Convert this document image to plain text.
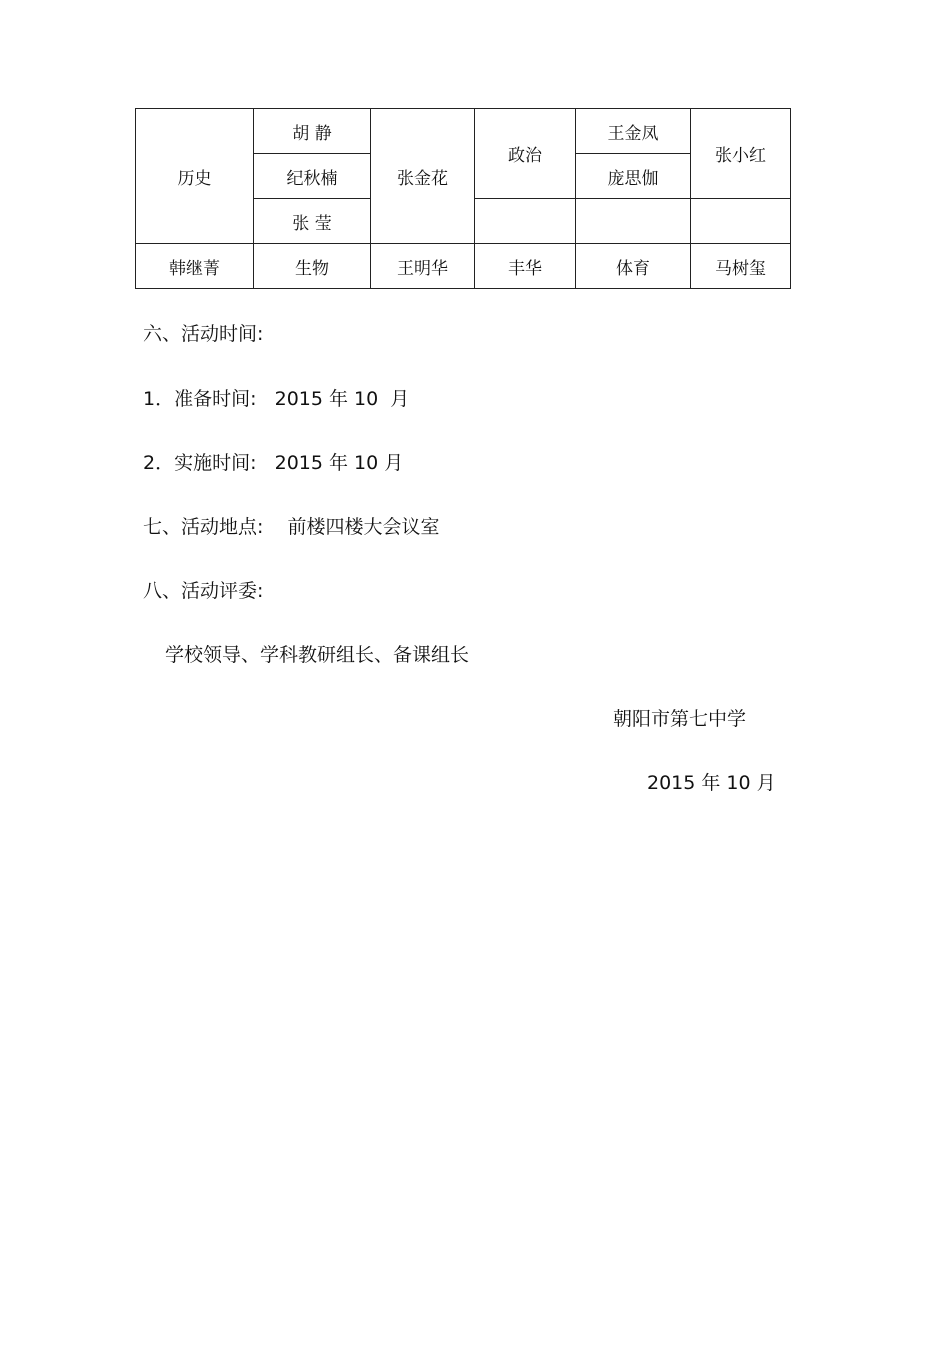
历史	胡 静	张金花	政治	王金凤	张小红
	纪秋楠			庞思伽	
	张 莹				
韩继菁	生物	王明华	丰华	体育	马树玺
六、活动时间:
1．准备时间:   2015 年 10  月
2．实施时间:   2015 年 10 月
七、活动地点:    前楼四楼大会议室
八、活动评委:
学校领导、学科教研组长、备课组长
朝阳市第七中学
2015 年 10 月
